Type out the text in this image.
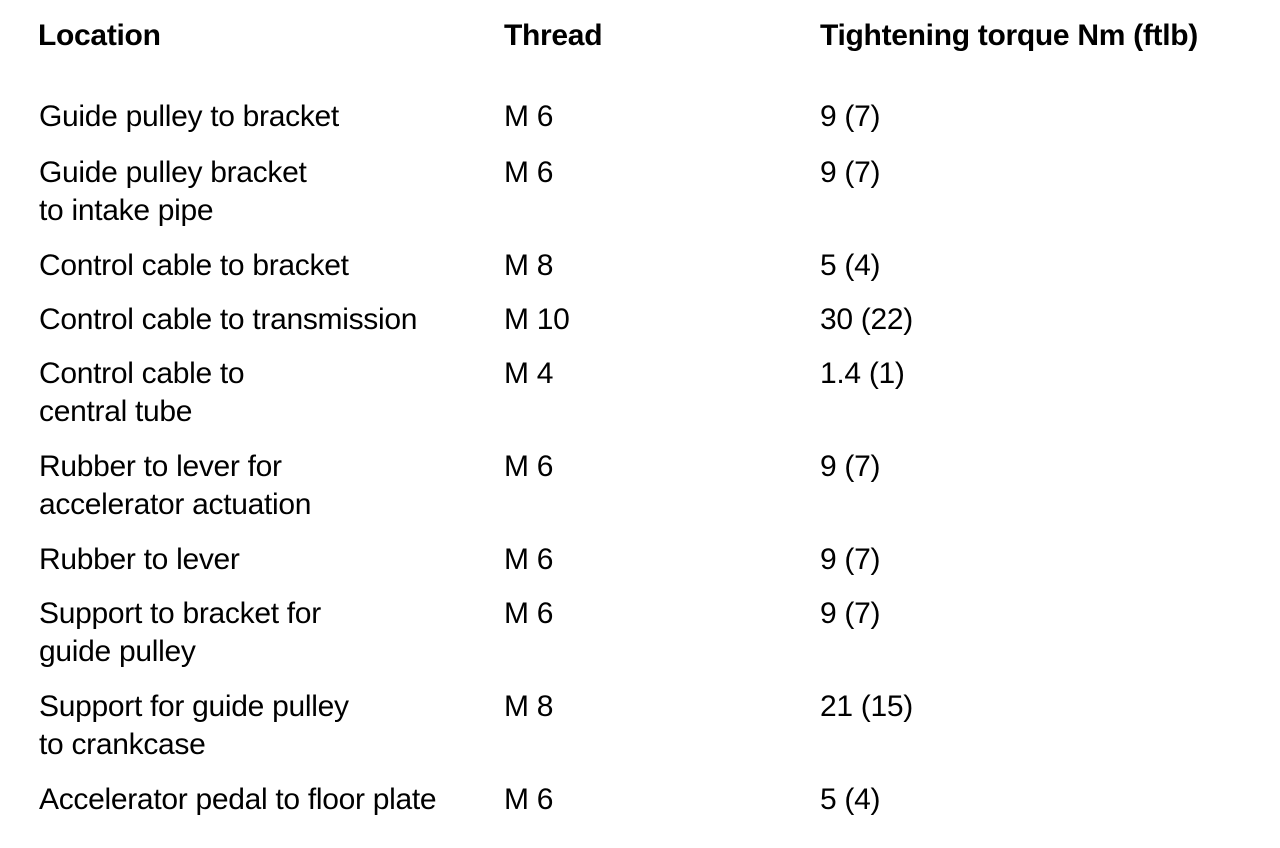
Location	Thread	Tightening torque Nm (ftlb)
Guide pulley to bracket	M 6	9 (7)
Guide pulley bracket
to intake pipe
M 6	9 (7)
Control cable to bracket	M 8	5 (4)
Control cable to transmission	M 10	30 (22)
Control cable to
central tube
M 4	1.4 (1)
Rubber to lever for
accelerator actuation
M 6	9 (7)
Rubber to lever	M 6	9 (7)
Support to bracket for
guide pulley
M 6	9 (7)
Support for guide pulley
to crankcase
M 8	21 (15)
Accelerator pedal to floor plate M 6	5 (4)
